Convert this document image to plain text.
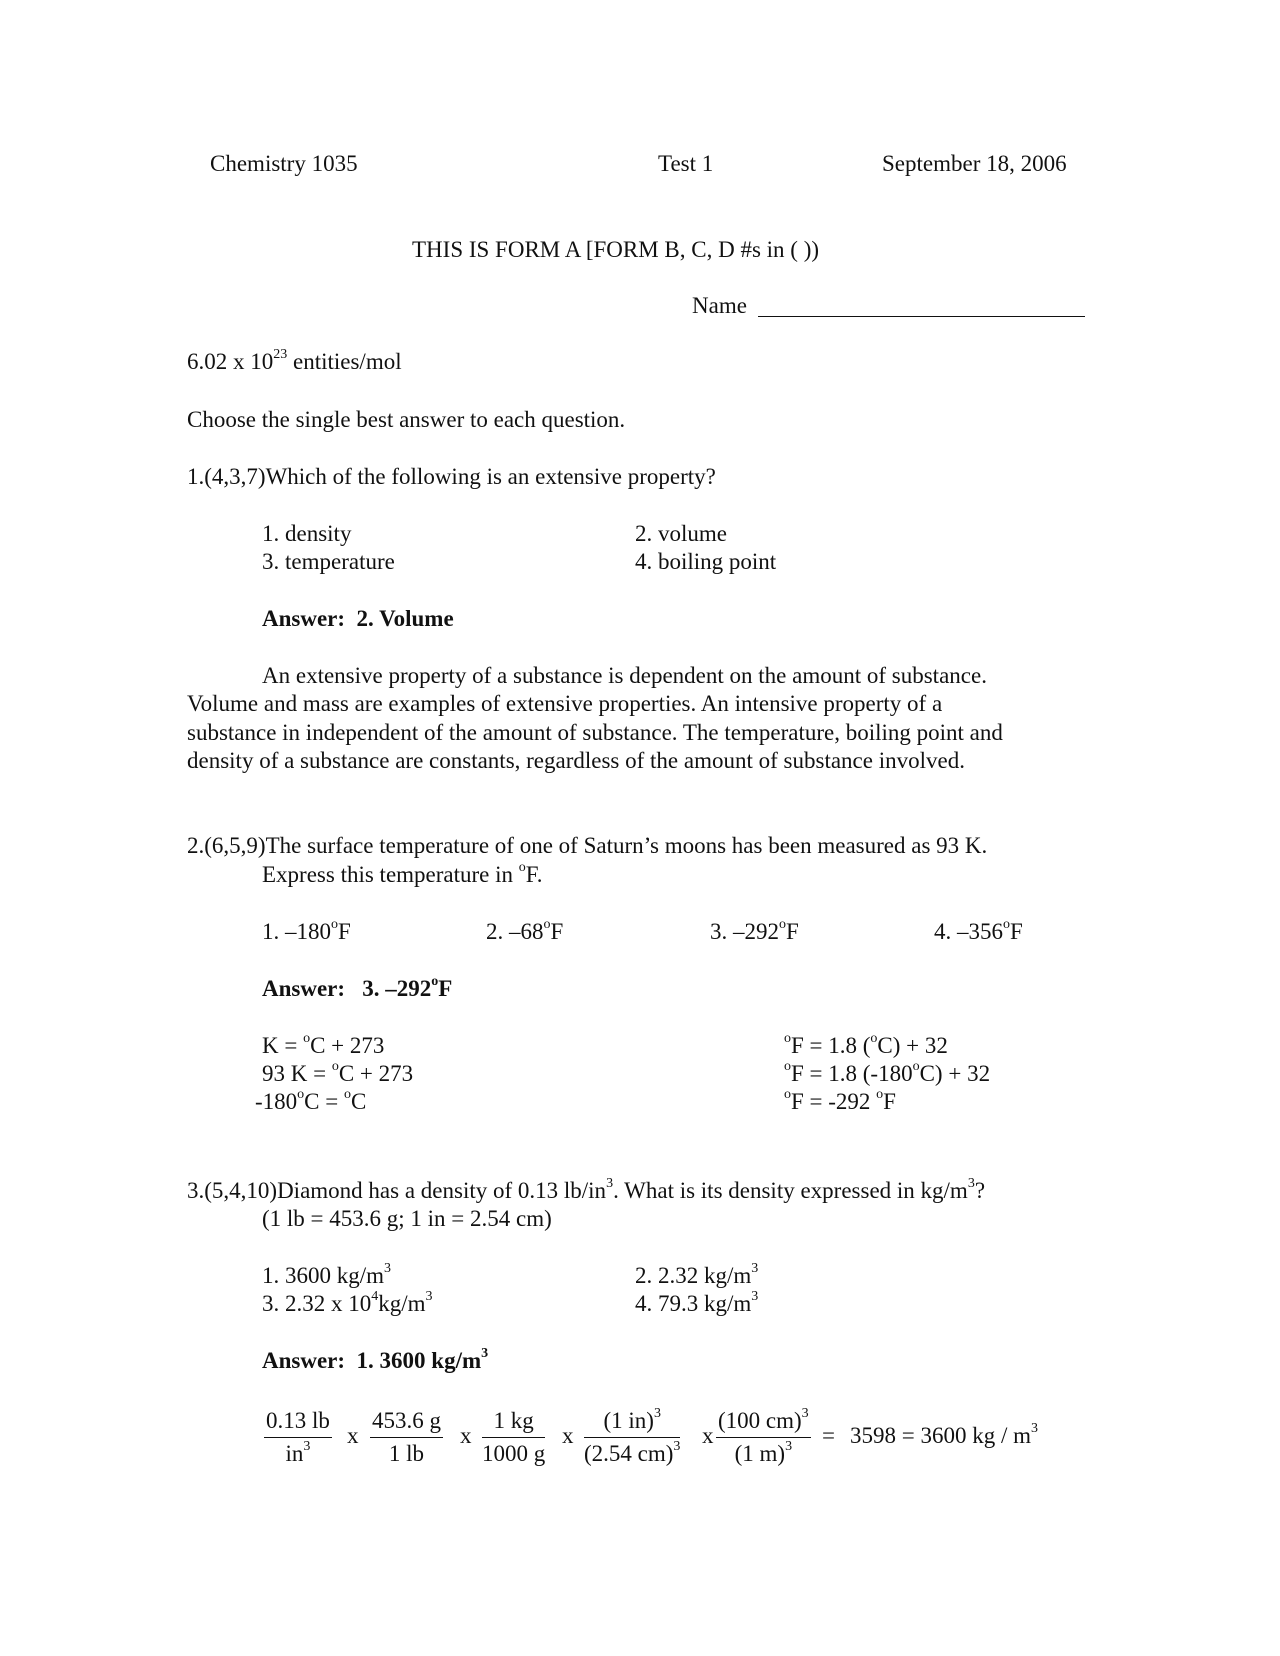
Chemistry 1035	Test 1	September 18, 2006
THIS IS FORM A [FORM B, C, D #s in ( ))
Name
6.02 x $10^{23}$ entities/mol
Choose the single best answer to each question.
1.(4,3,7)Which of the following is an extensive property?
1. density	2. volume
3. temperature	4. boiling point
Answer: 2. Volume
An extensive property of a substance is dependent on the amount of substance.
Volume and mass are examples of extensive properties. An intensive property of a
substance in independent of the amount of substance. The temperature, boiling point and
density of a substance are constants, regardless of the amount of substance involved.
2.(6,5,9)The surface temperature of one of Saturn’s moons has been measured as 93 K.
Express this temperature in $^o$F.
1. –180$^o$F	2. –68$^o$F	3. –292$^o$F	4. –356$^o$F
Answer: 3. –292$^o$F
K = $^o$C + 273
93 K = $^o$C + 273
$-180^oC = ^oC$
$^o$F = 1.8 ($^o$C) + 32
$^o$F = 1.8 $(-180^oC) + 32$
$^o$F = -292 $^o$F
3.(5,4,10)Diamond has a density of 0.13 $lb/in^3$. What is its density expressed in $kg/m^3$?
(1 lb = 453.6 g; 1 in = 2.54 cm)
1. 3600 $kg/m^3$	2. 2.32 $kg/m^3$
3. 2.32 x $10^4kg/m^3$	4. 79.3 $kg/m^3$
Answer: 1. 3600 $kg/m^3$
$\frac{0.13 lb}{in^3}$ x $\frac{453.6 g}{1 lb}$ x $\frac{1 kg}{1000 g}$ x $\frac{(1 in)^3}{(2.54 cm)^3}$ x $\frac{(100 cm)^3}{(1 m)^3} = 3598 = 3600$ kg / $m^3$
